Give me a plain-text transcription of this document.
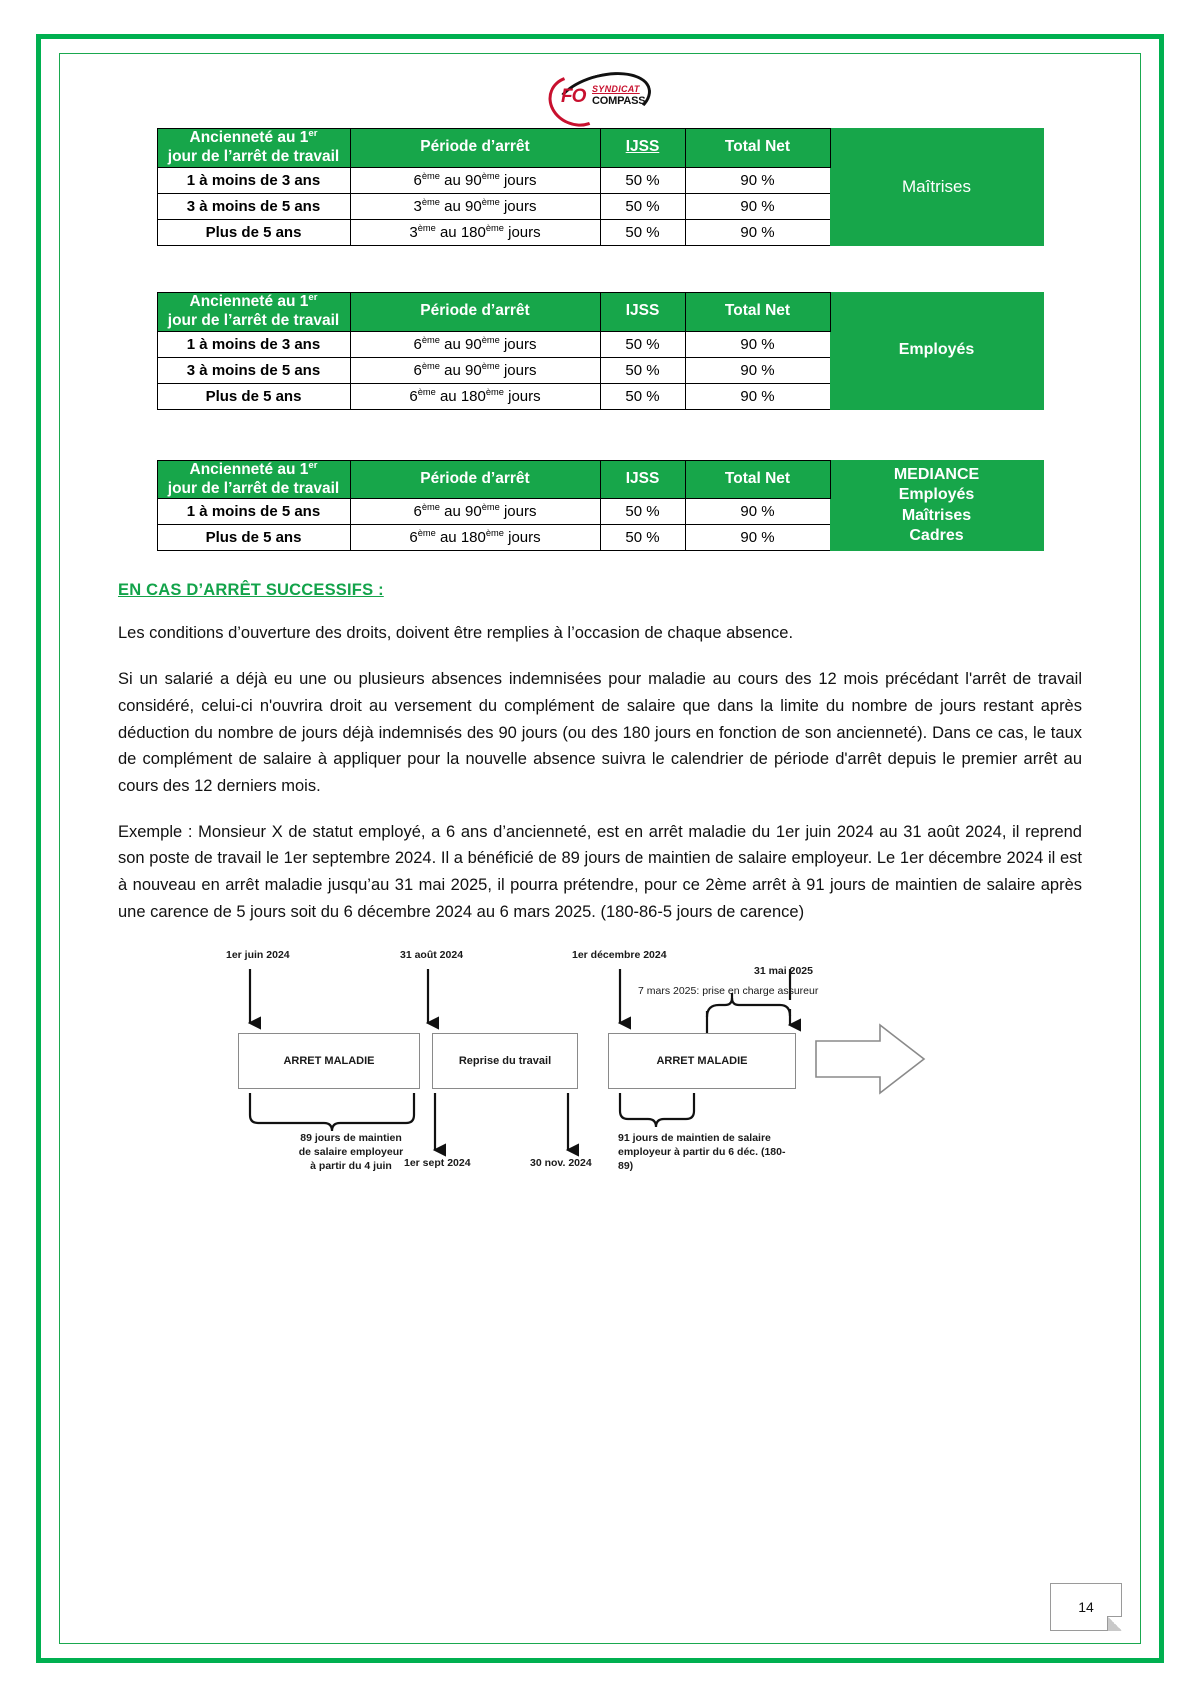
FO SYNDICAT
COMPASS
Ancienneté au 1er
jour de l’arrêt de travail	Période d’arrêt	IJSS	Total Net	Maîtrises
1 à moins de 3 ans	6ème au 90ème jours	50 %	90 %	
3 à moins de 5 ans	3ème au 90ème jours	50 %	90 %	
Plus de 5 ans	3ème au 180ème jours	50 %	90 %	
Ancienneté au 1er
jour de l’arrêt de travail	Période d’arrêt	IJSS	Total Net	Employés
1 à moins de 3 ans	6ème au 90ème jours	50 %	90 %	
3 à moins de 5 ans	6ème au 90ème jours	50 %	90 %	
Plus de 5 ans	6ème au 180ème jours	50 %	90 %	
Ancienneté au 1er
jour de l’arrêt de travail	Période d’arrêt	IJSS	Total Net	MEDIANCE
Employés
Maîtrises
Cadres
1 à moins de 5 ans	6ème au 90ème jours	50 %	90 %	
Plus de 5 ans	6ème au 180ème jours	50 %	90 %	
EN CAS D’ARRÊT SUCCESSIFS :

Les conditions d’ouverture des droits, doivent être remplies à l’occasion de chaque absence.

Si un salarié a déjà eu une ou plusieurs absences indemnisées pour maladie au cours des 12 mois précédant l'arrêt de travail considéré, celui-ci n'ouvrira droit au versement du complément de salaire que dans la limite du nombre de jours restant après déduction du nombre de jours déjà indemnisés des 90 jours (ou des 180 jours en fonction de son ancienneté). Dans ce cas, le taux de complément de salaire à appliquer pour la nouvelle absence suivra le calendrier de période d'arrêt depuis le premier arrêt au cours des 12 derniers mois.

Exemple : Monsieur X de statut employé, a 6 ans d’ancienneté, est en arrêt maladie du 1er juin 2024 au 31 août 2024, il reprend son poste de travail le 1er septembre 2024. Il a bénéficié de 89 jours de maintien de salaire employeur. Le 1er décembre 2024 il est à nouveau en arrêt maladie jusqu’au 31 mai 2025, il pourra prétendre, pour ce 2ème arrêt à 91 jours de maintien de salaire après une carence de 5 jours soit du 6 décembre 2024 au 6 mars 2025. (180-86-5 jours de carence)

1er juin 2024	31 août 2024	1er décembre 2024
31 mai 2025
7 mars 2025: prise en charge assureur
ARRET MALADIE	Reprise du travail	ARRET MALADIE
1er sept 2024	30 nov. 2024
89 jours de maintien
de salaire employeur
à partir du 4 juin
91 jours de maintien de salaire
employeur à partir du 6 déc. (180-
89)
14
